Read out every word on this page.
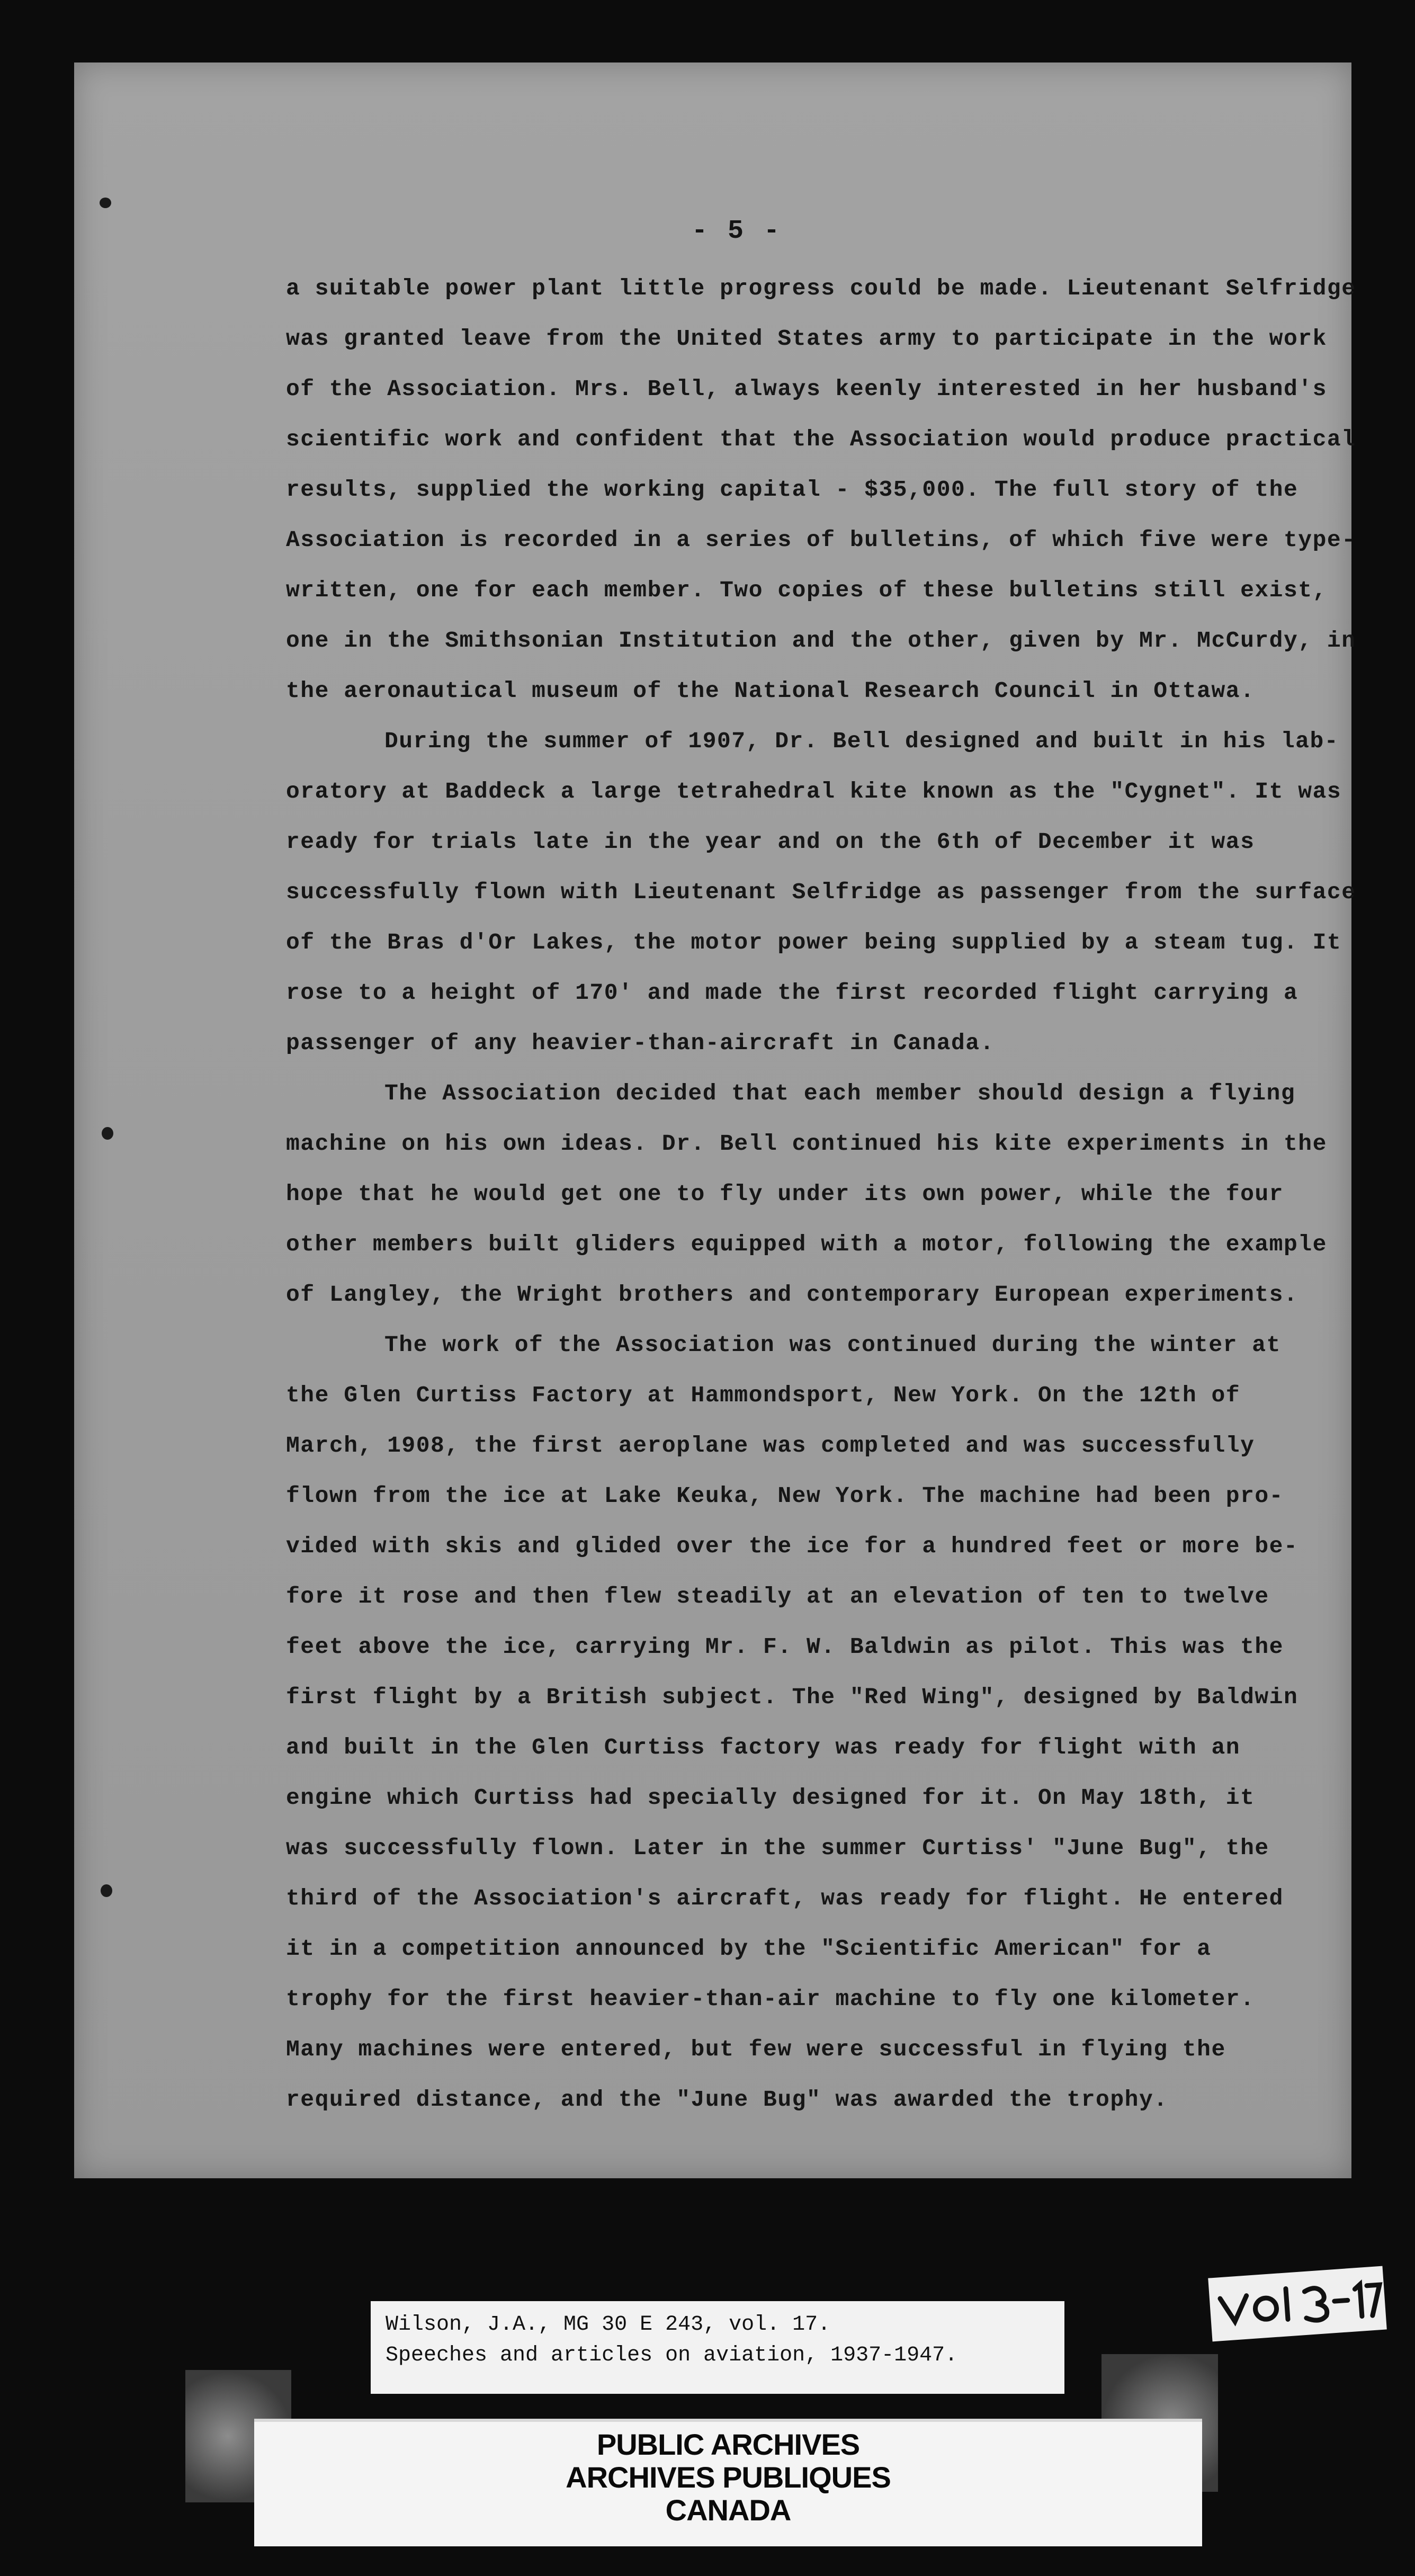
- 5 -
a suitable power plant little progress could be made. Lieutenant Selfridge
was granted leave from the United States army to participate in the work
of the Association. Mrs. Bell, always keenly interested in her husband's
scientific work and confident that the Association would produce practical
results, supplied the working capital - $35,000. The full story of the
Association is recorded in a series of bulletins, of which five were type-
written, one for each member. Two copies of these bulletins still exist,
one in the Smithsonian Institution and the other, given by Mr. McCurdy, in
the aeronautical museum of the National Research Council in Ottawa.
During the summer of 1907, Dr. Bell designed and built in his lab-
oratory at Baddeck a large tetrahedral kite known as the "Cygnet". It was
ready for trials late in the year and on the 6th of December it was
successfully flown with Lieutenant Selfridge as passenger from the surface
of the Bras d'Or Lakes, the motor power being supplied by a steam tug. It
rose to a height of 170' and made the first recorded flight carrying a
passenger of any heavier-than-aircraft in Canada.
The Association decided that each member should design a flying
machine on his own ideas. Dr. Bell continued his kite experiments in the
hope that he would get one to fly under its own power, while the four
other members built gliders equipped with a motor, following the example
of Langley, the Wright brothers and contemporary European experiments.
The work of the Association was continued during the winter at
the Glen Curtiss Factory at Hammondsport, New York. On the 12th of
March, 1908, the first aeroplane was completed and was successfully
flown from the ice at Lake Keuka, New York. The machine had been pro-
vided with skis and glided over the ice for a hundred feet or more be-
fore it rose and then flew steadily at an elevation of ten to twelve
feet above the ice, carrying Mr. F. W. Baldwin as pilot. This was the
first flight by a British subject. The "Red Wing", designed by Baldwin
and built in the Glen Curtiss factory was ready for flight with an
engine which Curtiss had specially designed for it. On May 18th, it
was successfully flown. Later in the summer Curtiss' "June Bug", the
third of the Association's aircraft, was ready for flight. He entered
it in a competition announced by the "Scientific American" for a
trophy for the first heavier-than-air machine to fly one kilometer.
Many machines were entered, but few were successful in flying the
required distance, and the "June Bug" was awarded the trophy.
Wilson, J.A., MG 30 E 243, vol. 17.
Speeches and articles on aviation, 1937-1947.
PUBLIC ARCHIVES
ARCHIVES PUBLIQUES
CANADA
